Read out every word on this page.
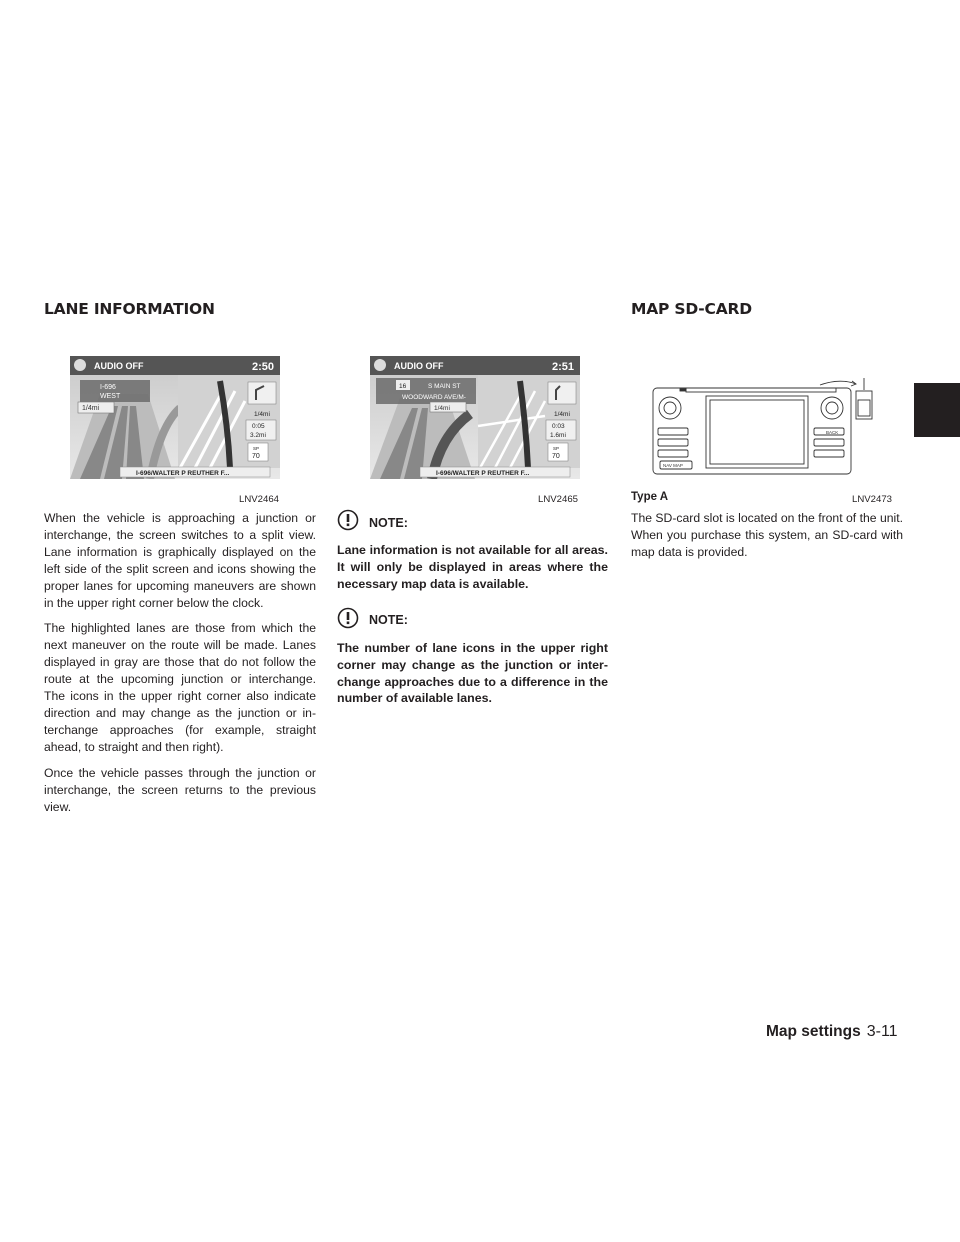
LANE INFORMATION	MAP SD-CARD
AUDIO OFF	2:50
I-696
WEST
1/4mi
1/4mi
0:05
3.2mi
SP
70
I-696/WALTER P REUTHER F...
LNV2464
AUDIO OFF	2:51
16	S MAIN ST
WOODWARD AVE/M-
1/4mi
1/4mi
0:03
1.6mi
SP
70
I-696/WALTER P REUTHER F...
LNV2465
BACK
NAV MAP
Type A	LNV2473

When the vehicle is approaching a junction or interchange, the screen switches to a split view. Lane information is graphically displayed on the left side of the split screen and icons showing the proper lanes for upcoming maneuvers are shown in the upper right corner below the clock.

The highlighted lanes are those from which the next maneuver on the route will be made. Lanes displayed in gray are those that do not follow the route at the upcoming junction or interchange. The icons in the upper right corner also indicate direction and may change as the junction or in-terchange approaches (for example, straight ahead, to straight and then right).

Once the vehicle passes through the junction or interchange, the screen returns to the previous view.

NOTE:

Lane information is not available for all areas. It will only be displayed in areas where the necessary map data is available.

NOTE:

The number of lane icons in the upper right corner may change as the junction or inter-change approaches due to a difference in the number of available lanes.

The SD-card slot is located on the front of the unit. When you purchase this system, an SD-card with map data is provided.

Map settings 3-11
